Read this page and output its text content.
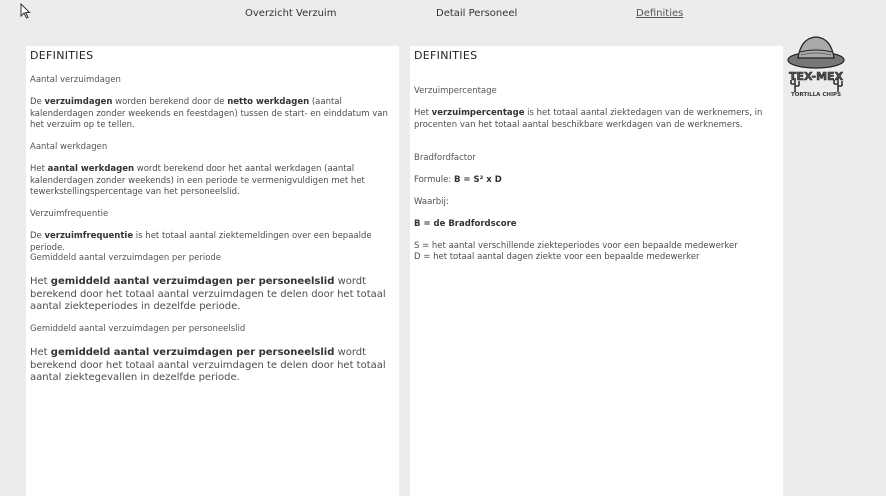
Overzicht Verzuim	Detail Personeel	Definities
DEFINITIES
Aantal verzuimdagen
De verzuimdagen worden berekend door de netto werkdagen (aantal kalenderdagen zonder weekends en feestdagen) tussen de start- en einddatum van het verzuim op te tellen.
Aantal werkdagen
Het aantal werkdagen wordt berekend door het aantal werkdagen (aantal kalenderdagen zonder weekends) in een periode te vermenigvuldigen met het tewerkstellingspercentage van het personeelslid.
Verzuimfrequentie
De verzuimfrequentie is het totaal aantal ziektemeldingen over een bepaalde periode.
Gemiddeld aantal verzuimdagen per periode
Het gemiddeld aantal verzuimdagen per personeelslid wordt berekend door het totaal aantal verzuimdagen te delen door het totaal aantal ziekteperiodes in dezelfde periode.
Gemiddeld aantal verzuimdagen per personeelslid
Het gemiddeld aantal verzuimdagen per personeelslid wordt berekend door het totaal aantal verzuimdagen te delen door het totaal aantal ziektegevallen in dezelfde periode.
DEFINITIES
Verzuimpercentage
Het verzuimpercentage is het totaal aantal ziektedagen van de werknemers, in procenten van het totaal aantal beschikbare werkdagen van de werknemers.
Bradfordfactor
Formule: B = S² x D
Waarbij:
B = de Bradfordscore
S = het aantal verschillende ziekteperiodes voor een bepaalde medewerker
D = het totaal aantal dagen ziekte voor een bepaalde medewerker
TEX-MEX
TORTILLA CHIPS
